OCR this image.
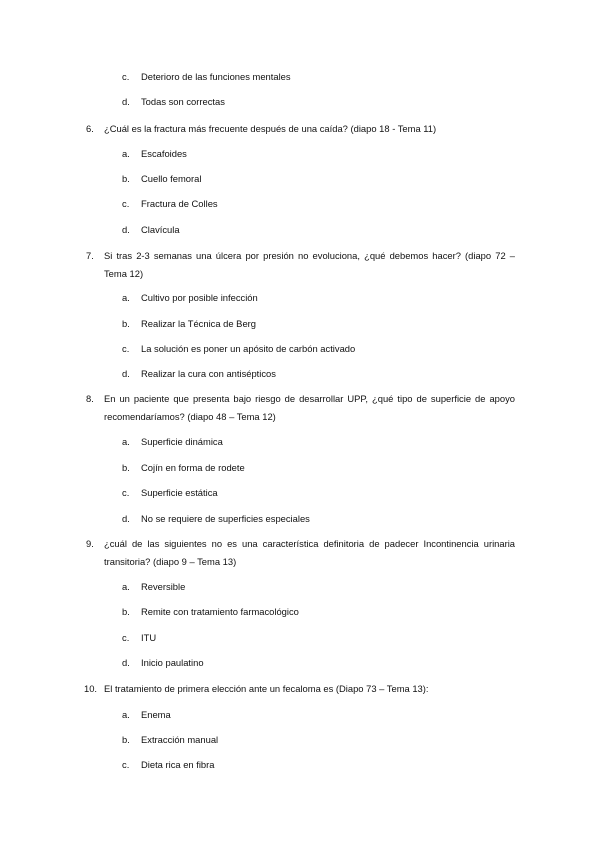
c. Deterioro de las funciones mentales
d. Todas son correctas
6. ¿Cuál es la fractura más frecuente después de una caída? (diapo 18 - Tema 11)
a. Escafoides
b. Cuello femoral
c. Fractura de Colles
d. Clavícula
7. Si tras 2-3 semanas una úlcera por presión no evoluciona, ¿qué debemos hacer? (diapo 72 – Tema 12)
a. Cultivo por posible infección
b. Realizar la Técnica de Berg
c. La solución es poner un apósito de carbón activado
d. Realizar la cura con antisépticos
8. En un paciente que presenta bajo riesgo de desarrollar UPP, ¿qué tipo de superficie de apoyo recomendaríamos? (diapo 48 – Tema 12)
a. Superficie dinámica
b. Cojín en forma de rodete
c. Superficie estática
d. No se requiere de superficies especiales
9. ¿cuál de las siguientes no es una característica definitoria de padecer Incontinencia urinaria transitoria? (diapo 9 – Tema 13)
a. Reversible
b. Remite con tratamiento farmacológico
c. ITU
d. Inicio paulatino
10. El tratamiento de primera elección ante un fecaloma es (Diapo 73 – Tema 13):
a. Enema
b. Extracción manual
c. Dieta rica en fibra
